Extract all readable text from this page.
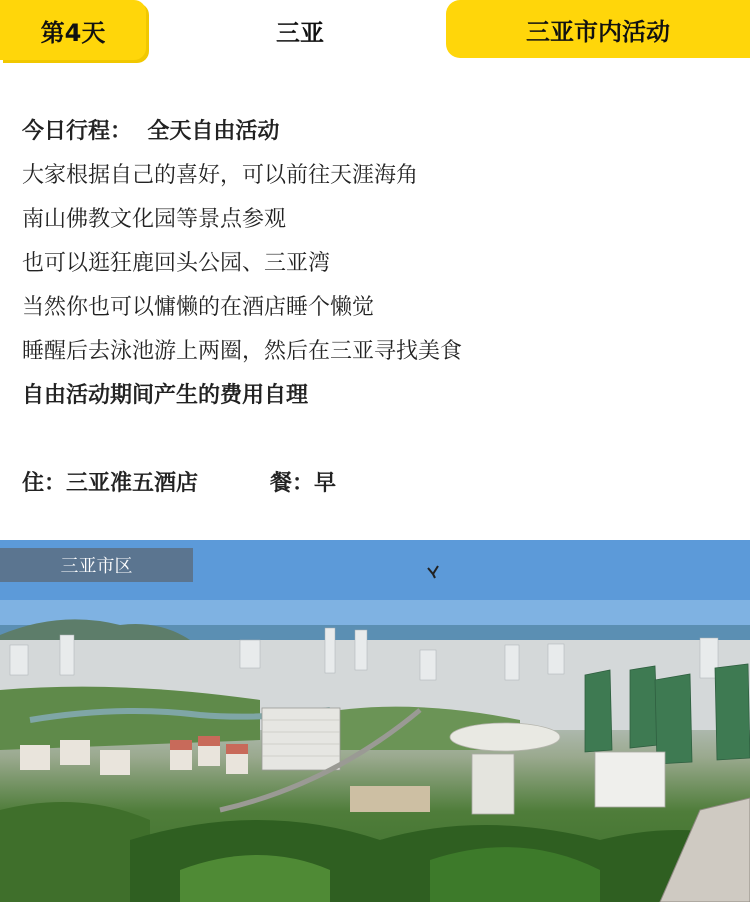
第4天	三亚	三亚市内活动
今日行程： 全天自由活动
大家根据自己的喜好，可以前往天涯海角
南山佛教文化园等景点参观
也可以逛狂鹿回头公园、三亚湾
当然你也可以慵懒的在酒店睡个懒觉
睡醒后去泳池游上两圈，然后在三亚寻找美食
自由活动期间产生的费用自理
住： 三亚准五酒店	餐： 早
三亚市区
